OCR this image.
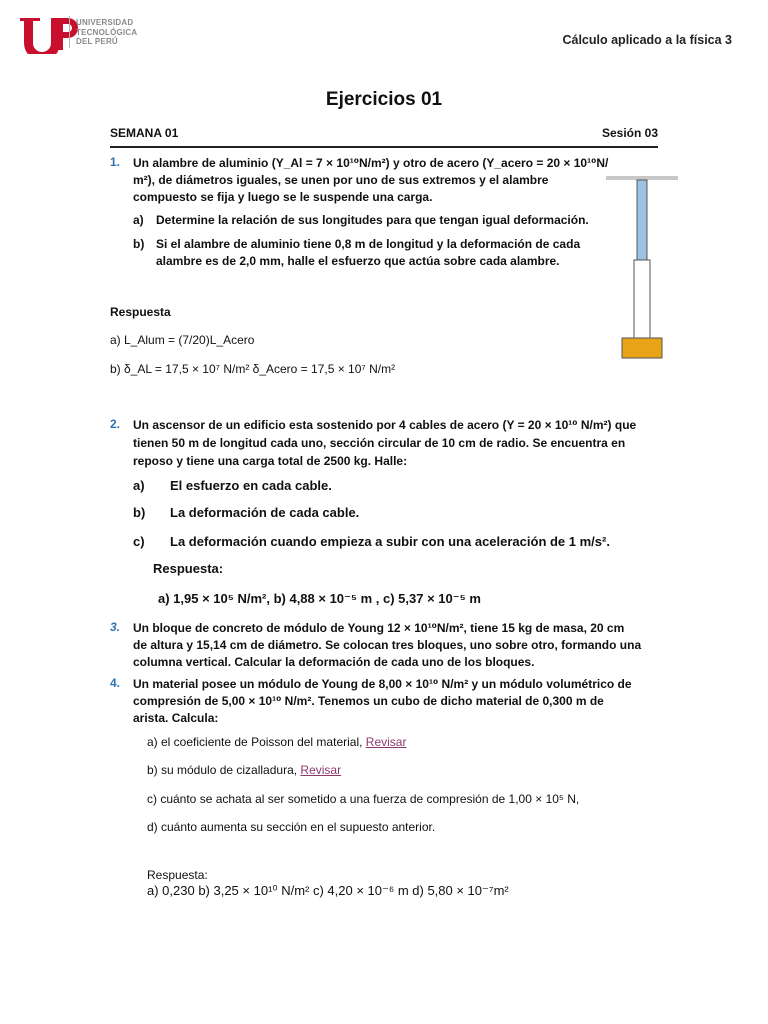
UNIVERSIDAD
TECNOLÓGICA
DEL PERÚ	Cálculo aplicado a la física 3
Ejercicios 01
SEMANA 01	Sesión 03
1. Un alambre de aluminio (Y_Al = 7 × 10¹⁰N/m²) y otro de acero (Y_acero = 20 × 10¹⁰N/
m²), de diámetros iguales, se unen por uno de sus extremos y el alambre
compuesto se fija y luego se le suspende una carga.
a) Determine la relación de sus longitudes para que tengan igual deformación.
b) Si el alambre de aluminio tiene 0,8 m de longitud y la deformación de cada
alambre es de 2,0 mm, halle el esfuerzo que actúa sobre cada alambre.
Respuesta
a) L_Alum = (7/20)L_Acero
b) δ_AL = 17,5 × 10⁷ N/m² δ_Acero = 17,5 × 10⁷ N/m²
2. Un ascensor de un edificio esta sostenido por 4 cables de acero (Y = 20 × 10¹⁰ N/m²) que
tienen 50 m de longitud cada uno, sección circular de 10 cm de radio. Se encuentra en
reposo y tiene una carga total de 2500 kg. Halle:
a) El esfuerzo en cada cable.
b) La deformación de cada cable.
c) La deformación cuando empieza a subir con una aceleración de 1 m/s².
Respuesta:
a) 1,95 × 10⁵ N/m², b) 4,88 × 10⁻⁵ m , c) 5,37 × 10⁻⁵ m
3. Un bloque de concreto de módulo de Young 12 × 10¹⁰N/m², tiene 15 kg de masa, 20 cm
de altura y 15,14 cm de diámetro. Se colocan tres bloques, uno sobre otro, formando una
columna vertical. Calcular la deformación de cada uno de los bloques.
4. Un material posee un módulo de Young de 8,00 × 10¹⁰ N/m² y un módulo volumétrico de
compresión de 5,00 × 10¹⁰ N/m². Tenemos un cubo de dicho material de 0,300 m de
arista. Calcula:
a) el coeficiente de Poisson del material, Revisar
b) su módulo de cizalladura, Revisar
c) cuánto se achata al ser sometido a una fuerza de compresión de 1,00 × 10⁵ N,
d) cuánto aumenta su sección en el supuesto anterior.
Respuesta:
a) 0,230 b) 3,25 × 10¹⁰ N/m² c) 4,20 × 10⁻⁶ m d) 5,80 × 10⁻⁷m²
